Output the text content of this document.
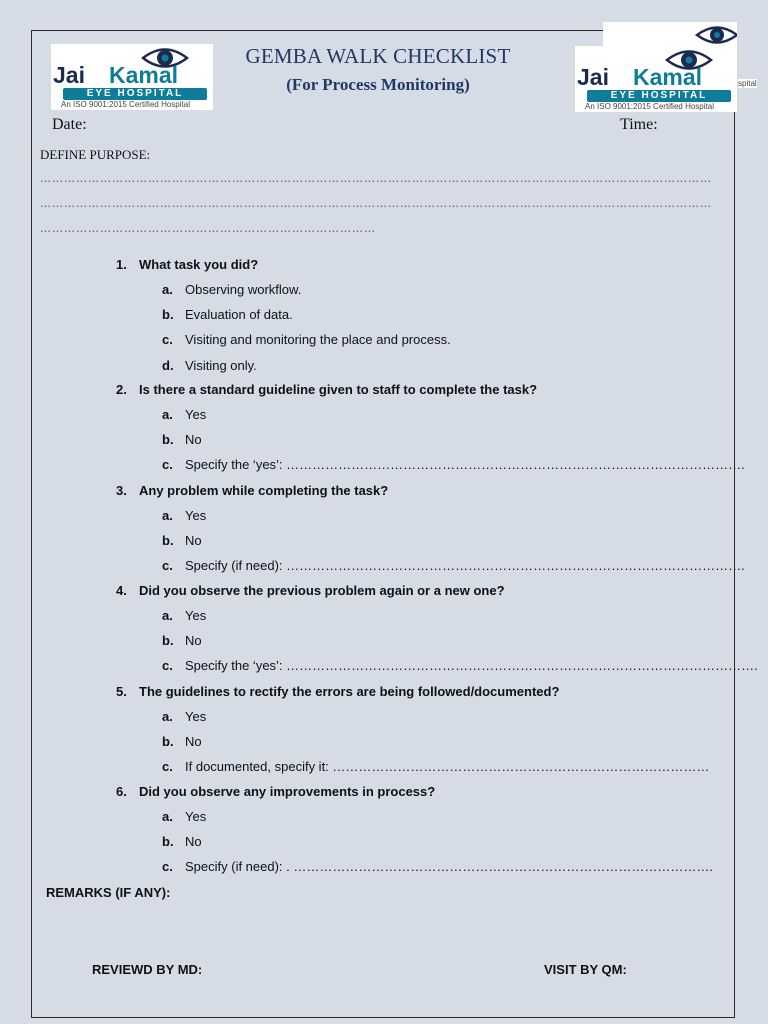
spital
Jai Kamal
EYE HOSPITAL
An ISO 9001:2015 Certified Hospital
Jai Kamal
EYE HOSPITAL
An ISO 9001:2015 Certified Hospital
GEMBA WALK CHECKLIST
(For Process Monitoring)
Date:	Time:
DEFINE PURPOSE:
……………………………………………………………………………………………………………………………………………………
……………………………………………………………………………………………………………………………………………………
…………………………………………………………………………
1. What task you did?
a. Observing workflow.
b. Evaluation of data.
c. Visiting and monitoring the place and process.
d. Visiting only.
2. Is there a standard guideline given to staff to complete the task?
a. Yes
b. No
c. Specify the ‘yes’: …………………………………………………………………………………………….
3. Any problem while completing the task?
a. Yes
b. No
c. Specify (if need): …………………………………………………………………………………………….
4. Did you observe the previous problem again or a new one?
a. Yes
b. No
c. Specify the ‘yes’: ……………………………………………………………………………………………….
5. The guidelines to rectify the errors are being followed/documented?
a. Yes
b. No
c. If documented, specify it: ……………………………………………………………………………
6. Did you observe any improvements in process?
a. Yes
b. No
c. Specify (if need): . …………………………………………………………………………………….
REMARKS (IF ANY):
REVIEWD BY MD:	VISIT BY QM:
